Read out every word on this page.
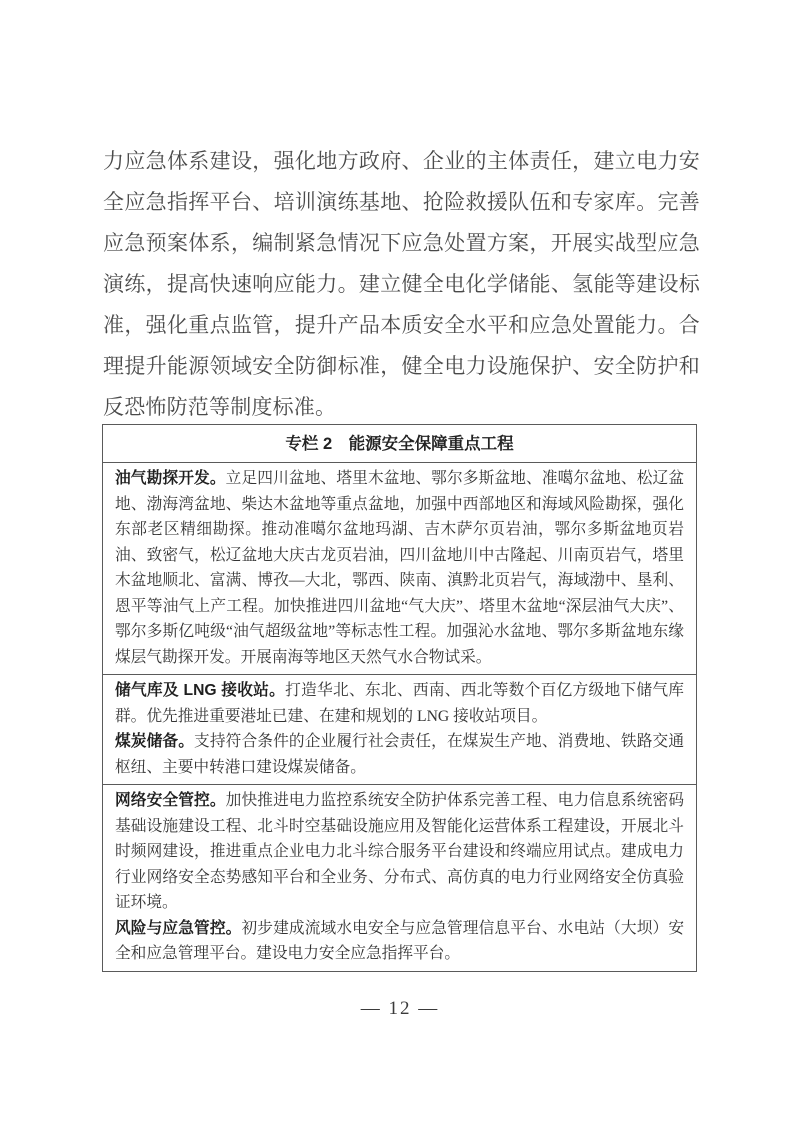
力应急体系建设，强化地方政府、企业的主体责任，建立电力安全应急指挥平台、培训演练基地、抢险救援队伍和专家库。完善应急预案体系，编制紧急情况下应急处置方案，开展实战型应急演练，提高快速响应能力。建立健全电化学储能、氢能等建设标准，强化重点监管，提升产品本质安全水平和应急处置能力。合理提升能源领域安全防御标准，健全电力设施保护、安全防护和反恐怖防范等制度标准。
专栏 2　能源安全保障重点工程

油气勘探开发。立足四川盆地、塔里木盆地、鄂尔多斯盆地、准噶尔盆地、松辽盆地、渤海湾盆地、柴达木盆地等重点盆地，加强中西部地区和海域风险勘探，强化东部老区精细勘探。推动准噶尔盆地玛湖、吉木萨尔页岩油，鄂尔多斯盆地页岩油、致密气，松辽盆地大庆古龙页岩油，四川盆地川中古隆起、川南页岩气，塔里木盆地顺北、富满、博孜—大北，鄂西、陕南、滇黔北页岩气，海域渤中、垦利、恩平等油气上产工程。加快推进四川盆地“气大庆”、塔里木盆地“深层油气大庆”、鄂尔多斯亿吨级“油气超级盆地”等标志性工程。加强沁水盆地、鄂尔多斯盆地东缘煤层气勘探开发。开展南海等地区天然气水合物试采。

储气库及 LNG 接收站。打造华北、东北、西南、西北等数个百亿方级地下储气库群。优先推进重要港址已建、在建和规划的 LNG 接收站项目。

煤炭储备。支持符合条件的企业履行社会责任，在煤炭生产地、消费地、铁路交通枢纽、主要中转港口建设煤炭储备。

网络安全管控。加快推进电力监控系统安全防护体系完善工程、电力信息系统密码基础设施建设工程、北斗时空基础设施应用及智能化运营体系工程建设，开展北斗时频网建设，推进重点企业电力北斗综合服务平台建设和终端应用试点。建成电力行业网络安全态势感知平台和全业务、分布式、高仿真的电力行业网络安全仿真验证环境。

风险与应急管控。初步建成流域水电安全与应急管理信息平台、水电站（大坝）安全和应急管理平台。建设电力安全应急指挥平台。

— 12 —
